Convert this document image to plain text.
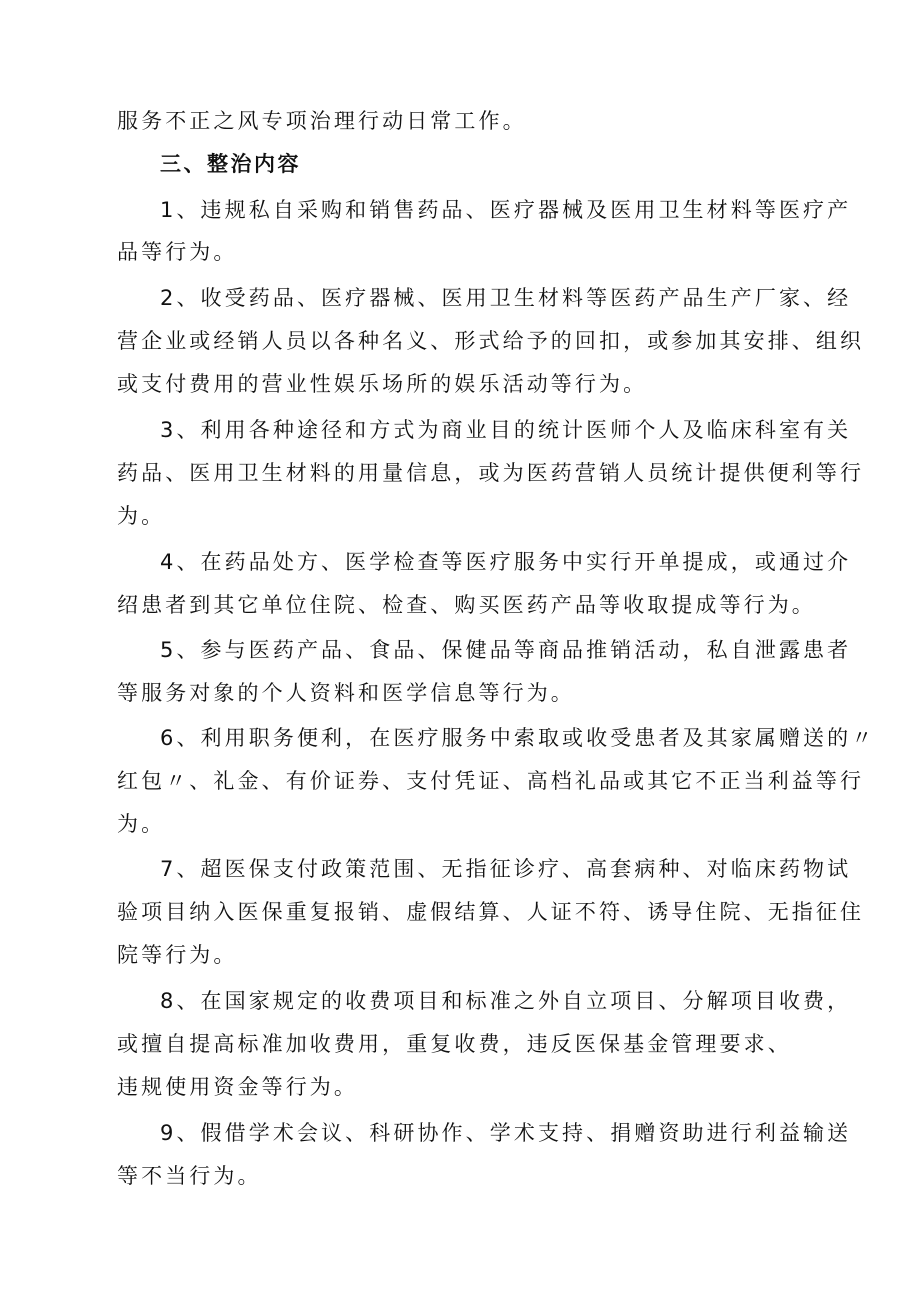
服务不正之风专项治理行动日常工作。
三、整治内容
1、违规私自采购和销售药品、医疗器械及医用卫生材料等医疗产
品等行为。
2、收受药品、医疗器械、医用卫生材料等医药产品生产厂家、经
营企业或经销人员以各种名义、形式给予的回扣，或参加其安排、组织
或支付费用的营业性娱乐场所的娱乐活动等行为。
3、利用各种途径和方式为商业目的统计医师个人及临床科室有关
药品、医用卫生材料的用量信息，或为医药营销人员统计提供便利等行
为。
4、在药品处方、医学检查等医疗服务中实行开单提成，或通过介
绍患者到其它单位住院、检查、购买医药产品等收取提成等行为。
5、参与医药产品、食品、保健品等商品推销活动，私自泄露患者
等服务对象的个人资料和医学信息等行为。
6、利用职务便利，在医疗服务中索取或收受患者及其家属赠送的〃
红包〃、礼金、有价证券、支付凭证、高档礼品或其它不正当利益等行
为。
7、超医保支付政策范围、无指征诊疗、高套病种、对临床药物试
验项目纳入医保重复报销、虚假结算、人证不符、诱导住院、无指征住
院等行为。
8、在国家规定的收费项目和标准之外自立项目、分解项目收费，
或擅自提高标准加收费用，重复收费，违反医保基金管理要求、
违规使用资金等行为。
9、假借学术会议、科研协作、学术支持、捐赠资助进行利益输送
等不当行为。
